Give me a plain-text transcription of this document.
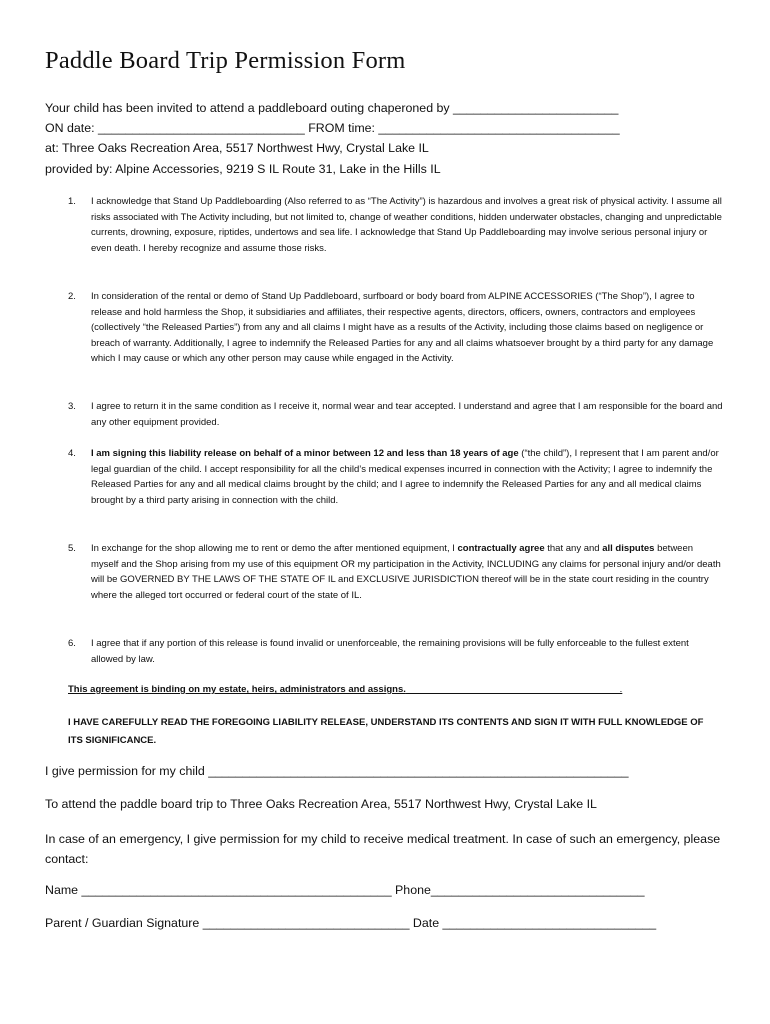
Paddle Board Trip Permission Form
Your child has been invited to attend a paddleboard outing chaperoned by ________________________
ON date: ______________________________ FROM time: ___________________________________
at: Three Oaks Recreation Area, 5517 Northwest Hwy, Crystal Lake IL
provided by: Alpine Accessories, 9219 S IL Route 31, Lake in the Hills IL
1. I acknowledge that Stand Up Paddleboarding (Also referred to as “The Activity”) is hazardous and involves a great risk of physical activity. I assume all risks associated with The Activity including, but not limited to, change of weather conditions, hidden underwater obstacles, changing and unpredictable currents, drowning, exposure, riptides, undertows and sea life. I acknowledge that Stand Up Paddleboarding may involve serious personal injury or even death. I hereby recognize and assume those risks.
2. In consideration of the rental or demo of Stand Up Paddleboard, surfboard or body board from ALPINE ACCESSORIES (“The Shop”), I agree to release and hold harmless the Shop, it subsidiaries and affiliates, their respective agents, directors, officers, owners, contractors and employees (collectively “the Released Parties”) from any and all claims I might have as a results of the Activity, including those claims based on negligence or breach of warranty. Additionally, I agree to indemnify the Released Parties for any and all claims whatsoever brought by a third party for any damage which I may cause or which any other person may cause while engaged in the Activity.
3. I agree to return it in the same condition as I receive it, normal wear and tear accepted. I understand and agree that I am responsible for the board and any other equipment provided.
4. I am signing this liability release on behalf of a minor between 12 and less than 18 years of age (“the child”), I represent that I am parent and/or legal guardian of the child. I accept responsibility for all the child’s medical expenses incurred in connection with the Activity; I agree to indemnify the Released Parties for any and all medical claims brought by the child; and I agree to indemnify the Released Parties for any and all medical claims brought by a third party arising in connection with the child.
5. In exchange for the shop allowing me to rent or demo the after mentioned equipment, I contractually agree that any and all disputes between myself and the Shop arising from my use of this equipment OR my participation in the Activity, INCLUDING any claims for personal injury and/or death will be GOVERNED BY THE LAWS OF THE STATE OF IL and EXCLUSIVE JURISDICTION thereof will be in the state court residing in the country where the alleged tort occurred or federal court of the state of IL.
6. I agree that if any portion of this release is found invalid or unenforceable, the remaining provisions will be fully enforceable to the fullest extent allowed by law.
This agreement is binding on my estate, heirs, administrators and assigns.                                                                                 .
I HAVE CAREFULLY READ THE FOREGOING LIABILITY RELEASE, UNDERSTAND ITS CONTENTS AND SIGN IT WITH FULL KNOWLEDGE OF ITS SIGNIFICANCE.
I give permission for my child _____________________________________________________________
To attend the paddle board trip to Three Oaks Recreation Area, 5517 Northwest Hwy, Crystal Lake IL
In case of an emergency, I give permission for my child to receive medical treatment. In case of such an emergency, please contact:
Name _____________________________________________ Phone_______________________________
Parent / Guardian Signature ______________________________ Date _______________________________
